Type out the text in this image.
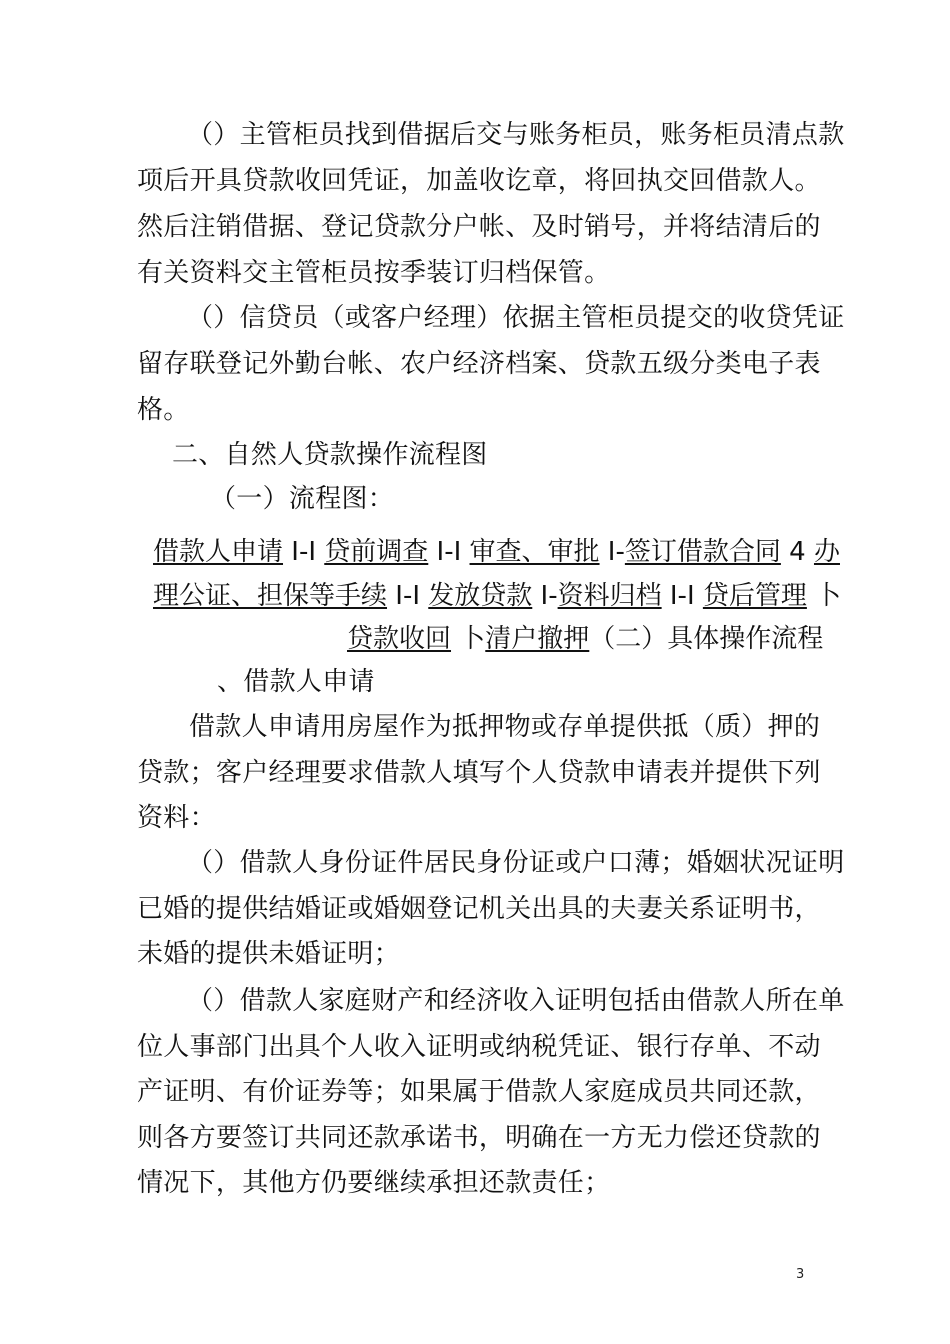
（）主管柜员找到借据后交与账务柜员，账务柜员清点款
项后开具贷款收回凭证，加盖收讫章，将回执交回借款人。
然后注销借据、登记贷款分户帐、及时销号，并将结清后的
有关资料交主管柜员按季装订归档保管。
（）信贷员（或客户经理）依据主管柜员提交的收贷凭证
留存联登记外勤台帐、农户经济档案、贷款五级分类电子表
格。
二、自然人贷款操作流程图
（一）流程图：
借款人申请 I-I 贷前调查 I-I 审查、审批 I-签订借款合同 4 办
理公证、担保等手续 I-I 发放贷款 I-资料归档 I-I 贷后管理 卜
贷款收回 卜清户撤押（二）具体操作流程
、借款人申请
借款人申请用房屋作为抵押物或存单提供抵（质）押的
贷款；客户经理要求借款人填写个人贷款申请表并提供下列
资料：
（）借款人身份证件居民身份证或户口薄；婚姻状况证明
已婚的提供结婚证或婚姻登记机关出具的夫妻关系证明书，
未婚的提供未婚证明；
（）借款人家庭财产和经济收入证明包括由借款人所在单
位人事部门出具个人收入证明或纳税凭证、银行存单、不动
产证明、有价证券等；如果属于借款人家庭成员共同还款，
则各方要签订共同还款承诺书，明确在一方无力偿还贷款的
情况下，其他方仍要继续承担还款责任；
3
